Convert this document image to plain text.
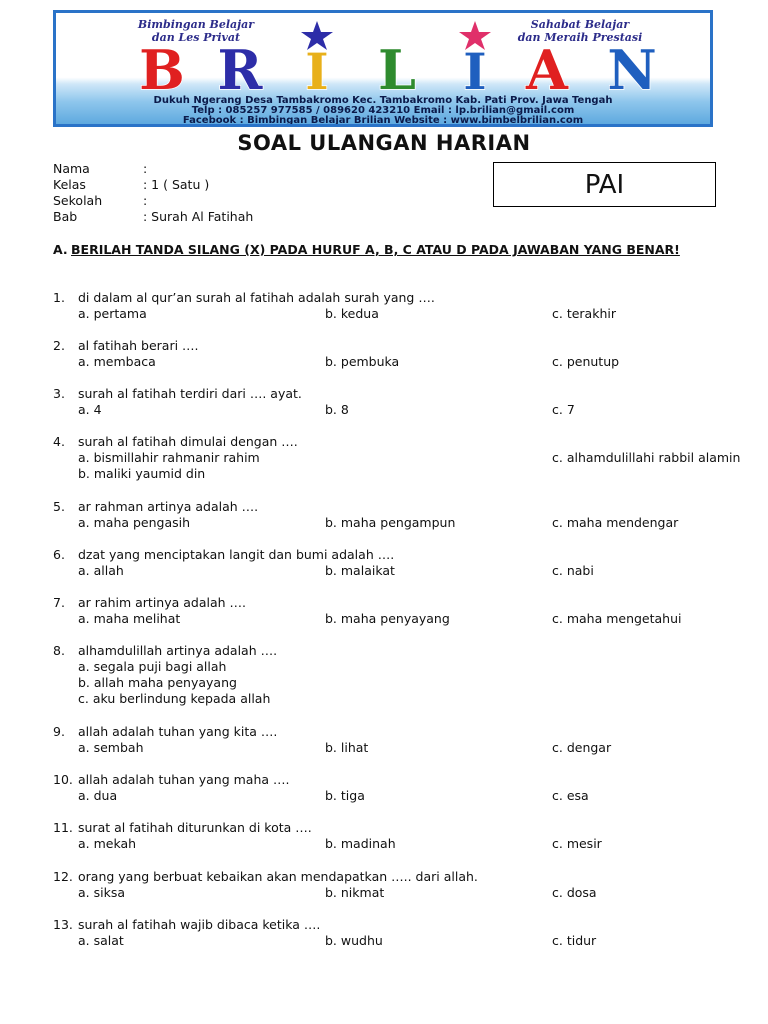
Bimbingan Belajar
dan Les Privat
Sahabat Belajar
dan Meraih Prestasi
B R I L I A N
Dukuh Ngerang Desa Tambakromo Kec. Tambakromo Kab. Pati Prov. Jawa Tengah
Telp : 085257 977585 / 089620 423210 Email : lp.brilian@gmail.com
Facebook : Bimbingan Belajar Brilian Website : www.bimbelbrilian.com
SOAL ULANGAN HARIAN
Nama	:
Kelas	: 1 ( Satu )
Sekolah	:
Bab	: Surah Al Fatihah
PAI
A. BERILAH TANDA SILANG (X) PADA HURUF A, B, C ATAU D PADA JAWABAN YANG BENAR!
1.	di dalam al qur’an surah al fatihah adalah surah yang ….
a. pertama	b. kedua	c. terakhir
2.	al fatihah berari ….
a. membaca	b. pembuka	c. penutup
3.	surah al fatihah terdiri dari …. ayat.
a. 4	b. 8	c. 7
4.	surah al fatihah dimulai dengan ….
a. bismillahir rahmanir rahim	c. alhamdulillahi rabbil alamin
b. maliki yaumid din
5.	ar rahman artinya adalah ….
a. maha pengasih	b. maha pengampun	c. maha mendengar
6.	dzat yang menciptakan langit dan bumi adalah ….
a. allah	b. malaikat	c. nabi
7.	ar rahim artinya adalah ….
a. maha melihat	b. maha penyayang	c. maha mengetahui
8.	alhamdulillah artinya adalah ….
a. segala puji bagi allah
b. allah maha penyayang
c. aku berlindung kepada allah
9.	allah adalah tuhan yang kita ….
a. sembah	b. lihat	c. dengar
10. allah adalah tuhan yang maha ….
a. dua	b. tiga	c. esa
11. surat al fatihah diturunkan di kota ….
a. mekah	b. madinah	c. mesir
12. orang yang berbuat kebaikan akan mendapatkan ….. dari allah.
a. siksa	b. nikmat	c. dosa
13. surah al fatihah wajib dibaca ketika ….
a. salat	b. wudhu	c. tidur
